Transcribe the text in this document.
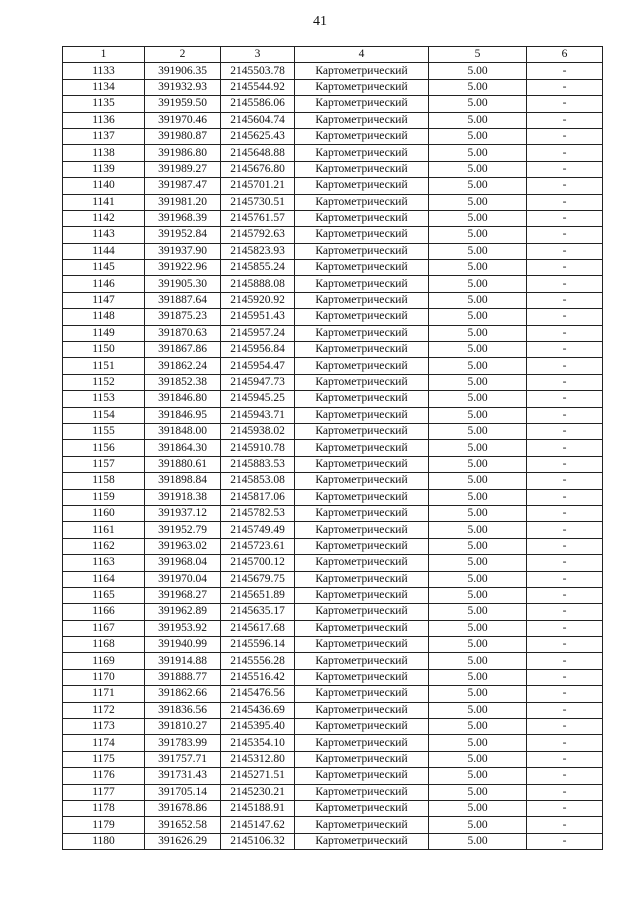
41
1	2	3	4	5	6
1133	391906.35	2145503.78	Картометрический	5.00	-
1134	391932.93	2145544.92	Картометрический	5.00	-
1135	391959.50	2145586.06	Картометрический	5.00	-
1136	391970.46	2145604.74	Картометрический	5.00	-
1137	391980.87	2145625.43	Картометрический	5.00	-
1138	391986.80	2145648.88	Картометрический	5.00	-
1139	391989.27	2145676.80	Картометрический	5.00	-
1140	391987.47	2145701.21	Картометрический	5.00	-
1141	391981.20	2145730.51	Картометрический	5.00	-
1142	391968.39	2145761.57	Картометрический	5.00	-
1143	391952.84	2145792.63	Картометрический	5.00	-
1144	391937.90	2145823.93	Картометрический	5.00	-
1145	391922.96	2145855.24	Картометрический	5.00	-
1146	391905.30	2145888.08	Картометрический	5.00	-
1147	391887.64	2145920.92	Картометрический	5.00	-
1148	391875.23	2145951.43	Картометрический	5.00	-
1149	391870.63	2145957.24	Картометрический	5.00	-
1150	391867.86	2145956.84	Картометрический	5.00	-
1151	391862.24	2145954.47	Картометрический	5.00	-
1152	391852.38	2145947.73	Картометрический	5.00	-
1153	391846.80	2145945.25	Картометрический	5.00	-
1154	391846.95	2145943.71	Картометрический	5.00	-
1155	391848.00	2145938.02	Картометрический	5.00	-
1156	391864.30	2145910.78	Картометрический	5.00	-
1157	391880.61	2145883.53	Картометрический	5.00	-
1158	391898.84	2145853.08	Картометрический	5.00	-
1159	391918.38	2145817.06	Картометрический	5.00	-
1160	391937.12	2145782.53	Картометрический	5.00	-
1161	391952.79	2145749.49	Картометрический	5.00	-
1162	391963.02	2145723.61	Картометрический	5.00	-
1163	391968.04	2145700.12	Картометрический	5.00	-
1164	391970.04	2145679.75	Картометрический	5.00	-
1165	391968.27	2145651.89	Картометрический	5.00	-
1166	391962.89	2145635.17	Картометрический	5.00	-
1167	391953.92	2145617.68	Картометрический	5.00	-
1168	391940.99	2145596.14	Картометрический	5.00	-
1169	391914.88	2145556.28	Картометрический	5.00	-
1170	391888.77	2145516.42	Картометрический	5.00	-
1171	391862.66	2145476.56	Картометрический	5.00	-
1172	391836.56	2145436.69	Картометрический	5.00	-
1173	391810.27	2145395.40	Картометрический	5.00	-
1174	391783.99	2145354.10	Картометрический	5.00	-
1175	391757.71	2145312.80	Картометрический	5.00	-
1176	391731.43	2145271.51	Картометрический	5.00	-
1177	391705.14	2145230.21	Картометрический	5.00	-
1178	391678.86	2145188.91	Картометрический	5.00	-
1179	391652.58	2145147.62	Картометрический	5.00	-
1180	391626.29	2145106.32	Картометрический	5.00	-
